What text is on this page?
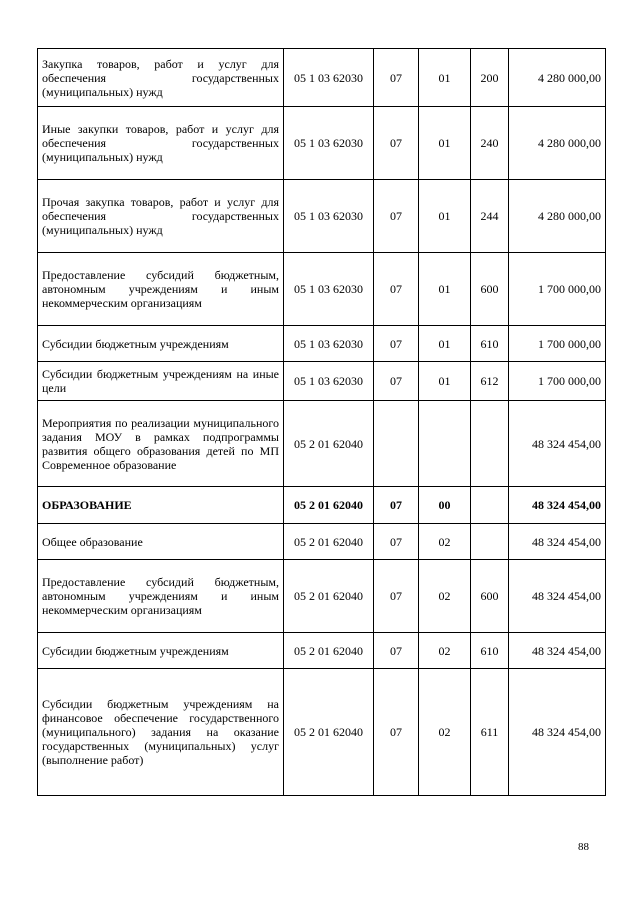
Закупка товаров, работ и услуг для обеспечения государственных (муниципальных) нужд	05 1 03 62030	07	01	200	4 280 000,00
Иные закупки товаров, работ и услуг для обеспечения государственных (муниципальных) нужд	05 1 03 62030	07	01	240	4 280 000,00
Прочая закупка товаров, работ и услуг для обеспечения государственных (муниципальных) нужд	05 1 03 62030	07	01	244	4 280 000,00
Предоставление субсидий бюджетным, автономным учреждениям и иным некоммерческим организациям	05 1 03 62030	07	01	600	1 700 000,00
Субсидии бюджетным учреждениям	05 1 03 62030	07	01	610	1 700 000,00
Субсидии бюджетным учреждениям на иные цели	05 1 03 62030	07	01	612	1 700 000,00
Мероприятия по реализации муниципального задания МОУ в рамках подпрограммы развития общего образования детей по МП Современное образование	05 2 01 62040				48 324 454,00
ОБРАЗОВАНИЕ	05 2 01 62040	07	00		48 324 454,00
Общее образование	05 2 01 62040	07	02		48 324 454,00
Предоставление субсидий бюджетным, автономным учреждениям и иным некоммерческим организациям	05 2 01 62040	07	02	600	48 324 454,00
Субсидии бюджетным учреждениям	05 2 01 62040	07	02	610	48 324 454,00
Субсидии бюджетным учреждениям на финансовое обеспечение государственного (муниципального) задания на оказание государственных (муниципальных) услуг (выполнение работ)	05 2 01 62040	07	02	611	48 324 454,00
88
